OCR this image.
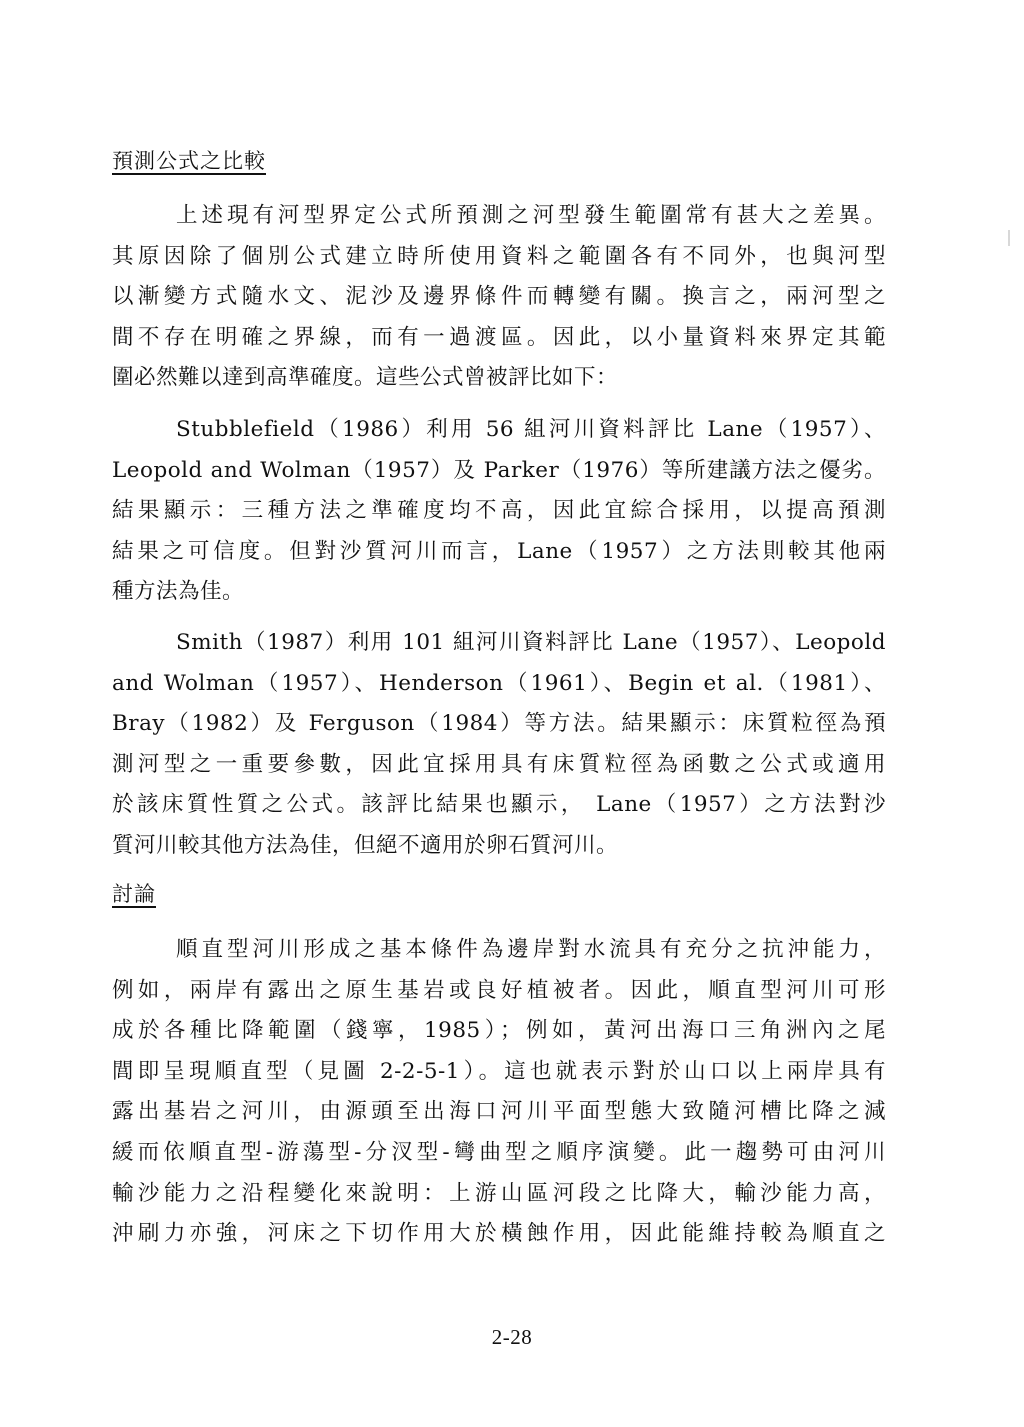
預測公式之比較
上述現有河型界定公式所預測之河型發生範圍常有甚大之差異。
其原因除了個別公式建立時所使用資料之範圍各有不同外，也與河型
以漸變方式隨水文、泥沙及邊界條件而轉變有關。換言之，兩河型之
間不存在明確之界線，而有一過渡區。因此，以小量資料來界定其範
圍必然難以達到高準確度。這些公式曾被評比如下：
Stubblefield（1986）利用 56 組河川資料評比 Lane（1957）、
Leopold and Wolman（1957）及 Parker（1976）等所建議方法之優劣。
結果顯示：三種方法之準確度均不高，因此宜綜合採用，以提高預測
結果之可信度。但對沙質河川而言，Lane（1957）之方法則較其他兩
種方法為佳。
Smith（1987）利用 101 組河川資料評比 Lane（1957）、Leopold
and Wolman（1957）、Henderson（1961）、Begin et al.（1981）、
Bray（1982）及 Ferguson（1984）等方法。結果顯示：床質粒徑為預
測河型之一重要參數，因此宜採用具有床質粒徑為函數之公式或適用
於該床質性質之公式。該評比結果也顯示， Lane（1957）之方法對沙
質河川較其他方法為佳，但絕不適用於卵石質河川。
討論
順直型河川形成之基本條件為邊岸對水流具有充分之抗沖能力，
例如，兩岸有露出之原生基岩或良好植被者。因此，順直型河川可形
成於各種比降範圍（錢寧，1985）；例如，黃河出海口三角洲內之尾
閭即呈現順直型（見圖 2-2-5-1）。這也就表示對於山口以上兩岸具有
露出基岩之河川，由源頭至出海口河川平面型態大致隨河槽比降之減
緩而依順直型-游蕩型-分汊型-彎曲型之順序演變。此一趨勢可由河川
輸沙能力之沿程變化來說明：上游山區河段之比降大，輸沙能力高，
沖刷力亦強，河床之下切作用大於橫蝕作用，因此能維持較為順直之
2-28
